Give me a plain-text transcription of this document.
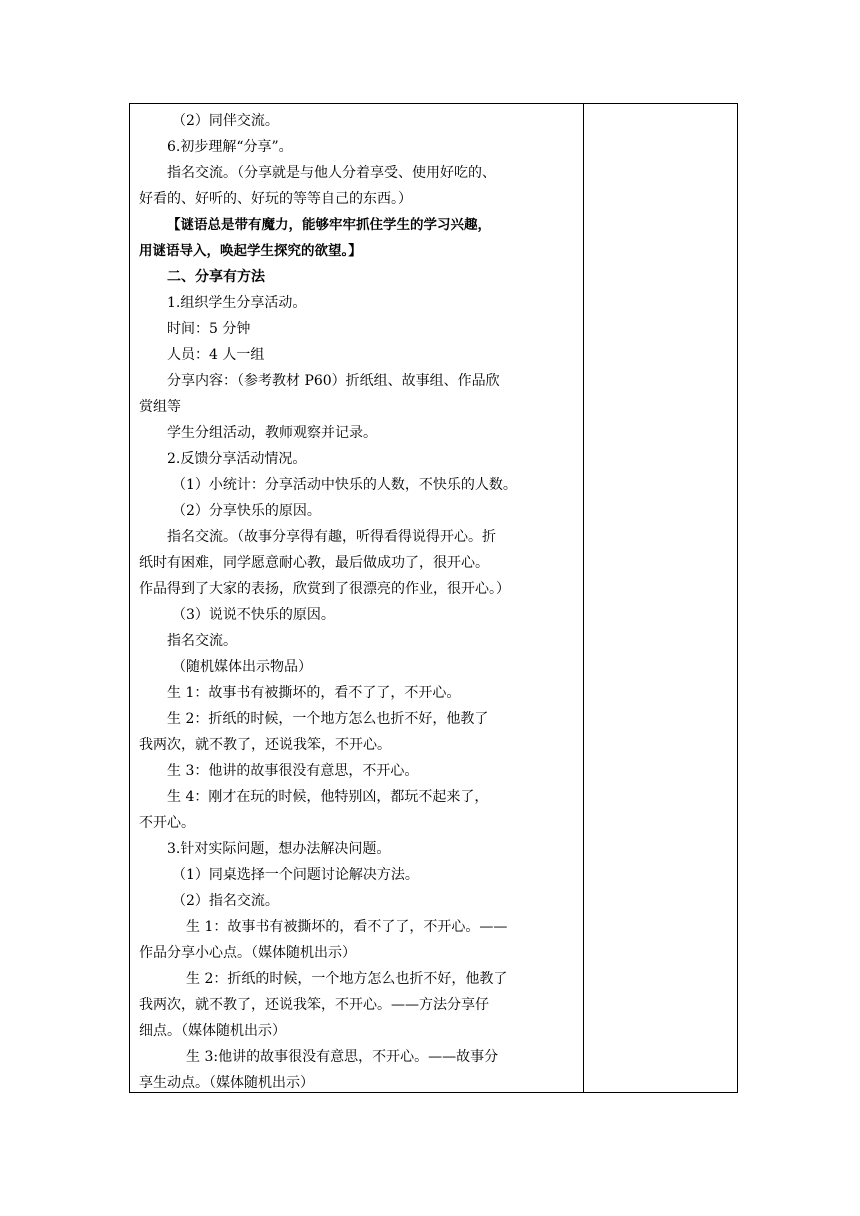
（2）同伴交流。
6.初步理解“分享”。
指名交流。（分享就是与他人分着享受、使用好吃的、
好看的、好听的、好玩的等等自己的东西。）
【谜语总是带有魔力，能够牢牢抓住学生的学习兴趣，
用谜语导入，唤起学生探究的欲望。】
二、分享有方法
1.组织学生分享活动。
时间：5 分钟
人员：4 人一组
分享内容：（参考教材 P60）折纸组、故事组、作品欣
赏组等
学生分组活动，教师观察并记录。
2.反馈分享活动情况。
（1）小统计：分享活动中快乐的人数，不快乐的人数。
（2）分享快乐的原因。
指名交流。（故事分享得有趣，听得看得说得开心。折
纸时有困难，同学愿意耐心教，最后做成功了，很开心。
作品得到了大家的表扬，欣赏到了很漂亮的作业，很开心。）
（3）说说不快乐的原因。
指名交流。
（随机媒体出示物品）
生 1：故事书有被撕坏的，看不了了，不开心。
生 2：折纸的时候，一个地方怎么也折不好，他教了
我两次，就不教了，还说我笨，不开心。
生 3：他讲的故事很没有意思，不开心。
生 4：刚才在玩的时候，他特别凶，都玩不起来了，
不开心。
3.针对实际问题，想办法解决问题。
（1）同桌选择一个问题讨论解决方法。
（2）指名交流。
生 1：故事书有被撕坏的，看不了了，不开心。——
作品分享小心点。（媒体随机出示）
生 2：折纸的时候，一个地方怎么也折不好，他教了
我两次，就不教了，还说我笨，不开心。——方法分享仔
细点。（媒体随机出示）
生 3:他讲的故事很没有意思，不开心。——故事分
享生动点。（媒体随机出示）
